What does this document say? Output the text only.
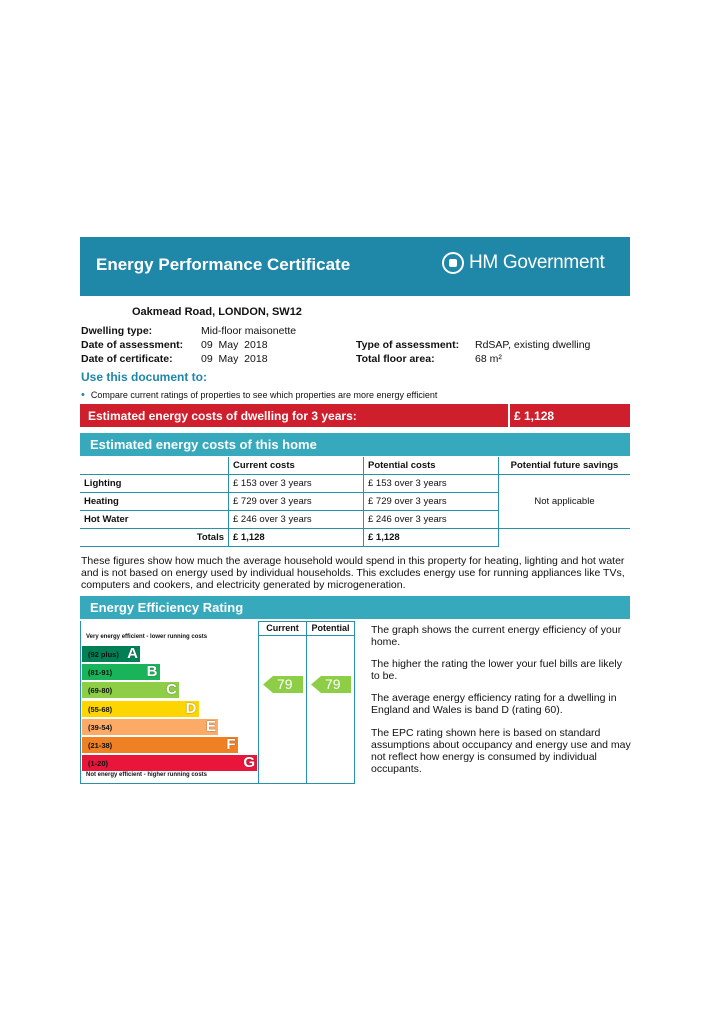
Energy Performance Certificate	HM Government
Oakmead Road, LONDON, SW12
Dwelling type:	Mid-floor maisonette
Date of assessment: 09  May  2018
Date of certificate:	09  May  2018
Type of assessment: RdSAP, existing dwelling
Total floor area:	68 m²
Use this document to:
• Compare current ratings of properties to see which properties are more energy efficient
Estimated energy costs of dwelling for 3 years:	£ 1,128
Estimated energy costs of this home
	Current costs	Potential costs	Potential future savings
Lighting	£ 153 over 3 years	£ 153 over 3 years	Not applicable
Heating	£ 729 over 3 years	£ 729 over 3 years	
Hot Water	£ 246 over 3 years	£ 246 over 3 years	
Totals	£ 1,128	£ 1,128	
These figures show how much the average household would spend in this property for heating, lighting and hot water and is not based on energy used by individual households. This excludes energy use for running appliances like TVs, computers and cookers, and electricity generated by microgeneration.
Energy Efficiency Rating
Current	Potential
Very energy efficient - lower running costs
Not energy efficient - higher running costs
(92 plus) A
(81-91) B
(69-80)	C
(55-68)	D
(39-54)	E
(21-38)	F
(1-20)	G
79 79
The graph shows the current energy efficiency of your home.
The higher the rating the lower your fuel bills are likely to be.
The average energy efficiency rating for a dwelling in England and Wales is band D (rating 60).
The EPC rating shown here is based on standard assumptions about occupancy and energy use and may not reflect how energy is consumed by individual occupants.
